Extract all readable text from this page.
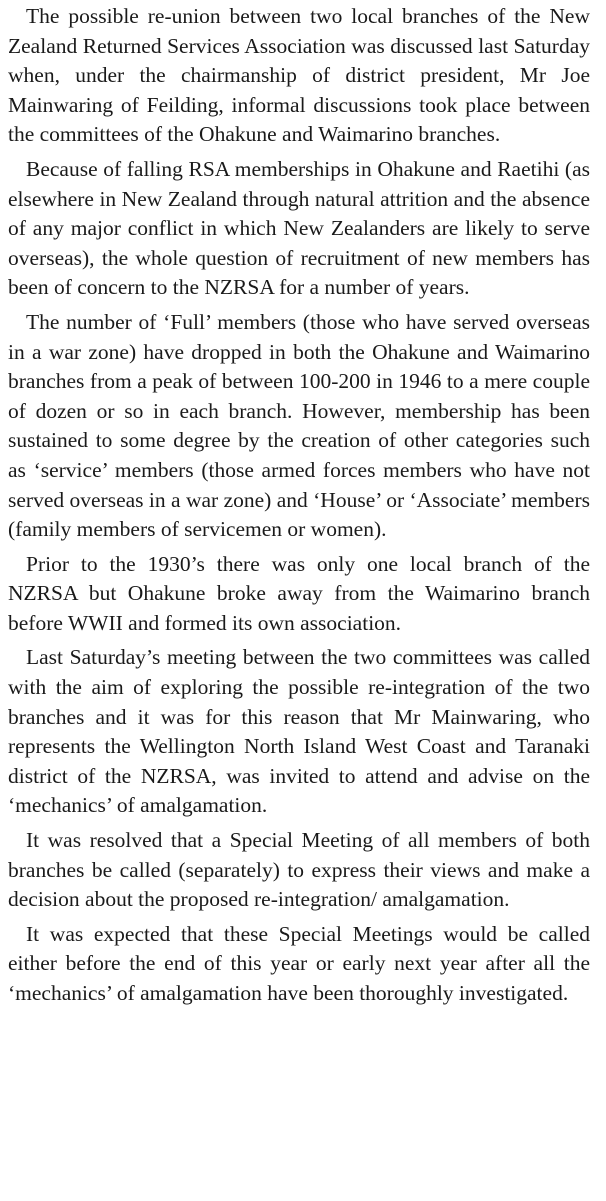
The possible re-union between two local branches of the New Zealand Returned Services Association was discussed last Saturday when, under the chairmanship of district president, Mr Joe Mainwaring of Feilding, informal discussions took place between the committees of the Ohakune and Waimarino branches.

Because of falling RSA memberships in Ohakune and Raetihi (as elsewhere in New Zealand through natural attrition and the absence of any major conflict in which New Zealanders are likely to serve overseas), the whole question of recruitment of new members has been of concern to the NZRSA for a number of years.

The number of ‘Full’ members (those who have served overseas in a war zone) have dropped in both the Ohakune and Waimarino branches from a peak of between 100-200 in 1946 to a mere couple of dozen or so in each branch. However, membership has been sustained to some degree by the creation of other categories such as ‘service’ members (those armed forces members who have not served overseas in a war zone) and ‘House’ or ‘Associate’ members (family members of servicemen or women).

Prior to the 1930’s there was only one local branch of the NZRSA but Ohakune broke away from the Waimarino branch before WWII and formed its own association.

Last Saturday’s meeting between the two committees was called with the aim of exploring the possible re-integration of the two branches and it was for this reason that Mr Mainwaring, who represents the Wellington North Island West Coast and Taranaki district of the NZRSA, was invited to attend and advise on the ‘mechanics’ of amalgamation.

It was resolved that a Special Meeting of all members of both branches be called (separately) to express their views and make a decision about the proposed re-integration/ amalgamation.

It was expected that these Special Meetings would be called either before the end of this year or early next year after all the ‘mechanics’ of amalgamation have been thoroughly investigated.
